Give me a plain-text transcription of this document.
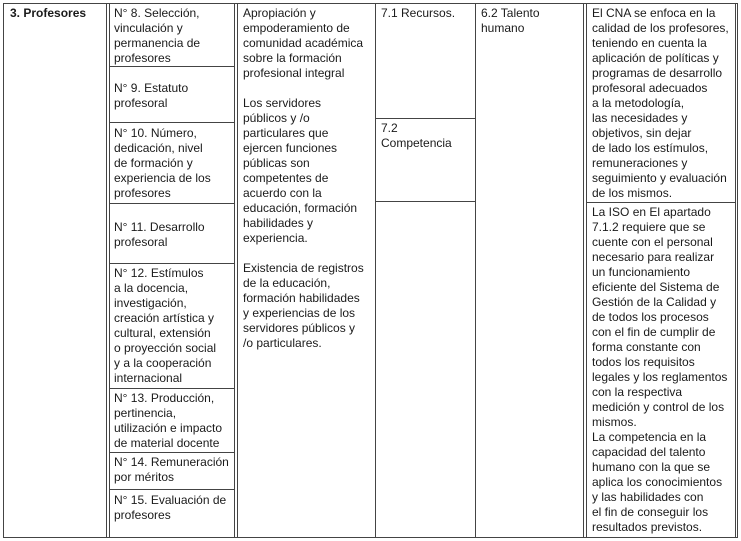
3. Profesores	N° 8. Selección,
vinculación y
permanencia de
profesores
N° 9. Estatuto
profesoral
N° 10. Número,
dedicación, nivel
de formación y
experiencia de los
profesores
N° 11. Desarrollo
profesoral
N° 12. Estímulos
a la docencia,
investigación,
creación artística y
cultural, extensión
o proyección social
y a la cooperación
internacional
N° 13. Producción,
pertinencia,
utilización e impacto
de material docente
N° 14. Remuneración
por méritos
N° 15. Evaluación de
profesores
Apropiación y
empoderamiento de
comunidad académica
sobre la formación
profesional integral

Los servidores
públicos y /o
particulares que
ejercen funciones
públicas son
competentes de
acuerdo con la
educación, formación
habilidades y
experiencia.

Existencia de registros
de la educación,
formación habilidades
y experiencias de los
servidores públicos y
/o particulares.
7.1 Recursos.
7.2
Competencia
6.2 Talento
humano
El CNA se enfoca en la
calidad de los profesores,
teniendo en cuenta la
aplicación de políticas y
programas de desarrollo
profesoral adecuados
a la metodología,
las necesidades y
objetivos, sin dejar
de lado los estímulos,
remuneraciones y
seguimiento y evaluación
de los mismos.
La ISO en El apartado
7.1.2 requiere que se
cuente con el personal
necesario para realizar
un funcionamiento
eficiente del Sistema de
Gestión de la Calidad y
de todos los procesos
con el fin de cumplir de
forma constante con
todos los requisitos
legales y los reglamentos
con la respectiva
medición y control de los
mismos.
La competencia en la
capacidad del talento
humano con la que se
aplica los conocimientos
y las habilidades con
el fin de conseguir los
resultados previstos.
